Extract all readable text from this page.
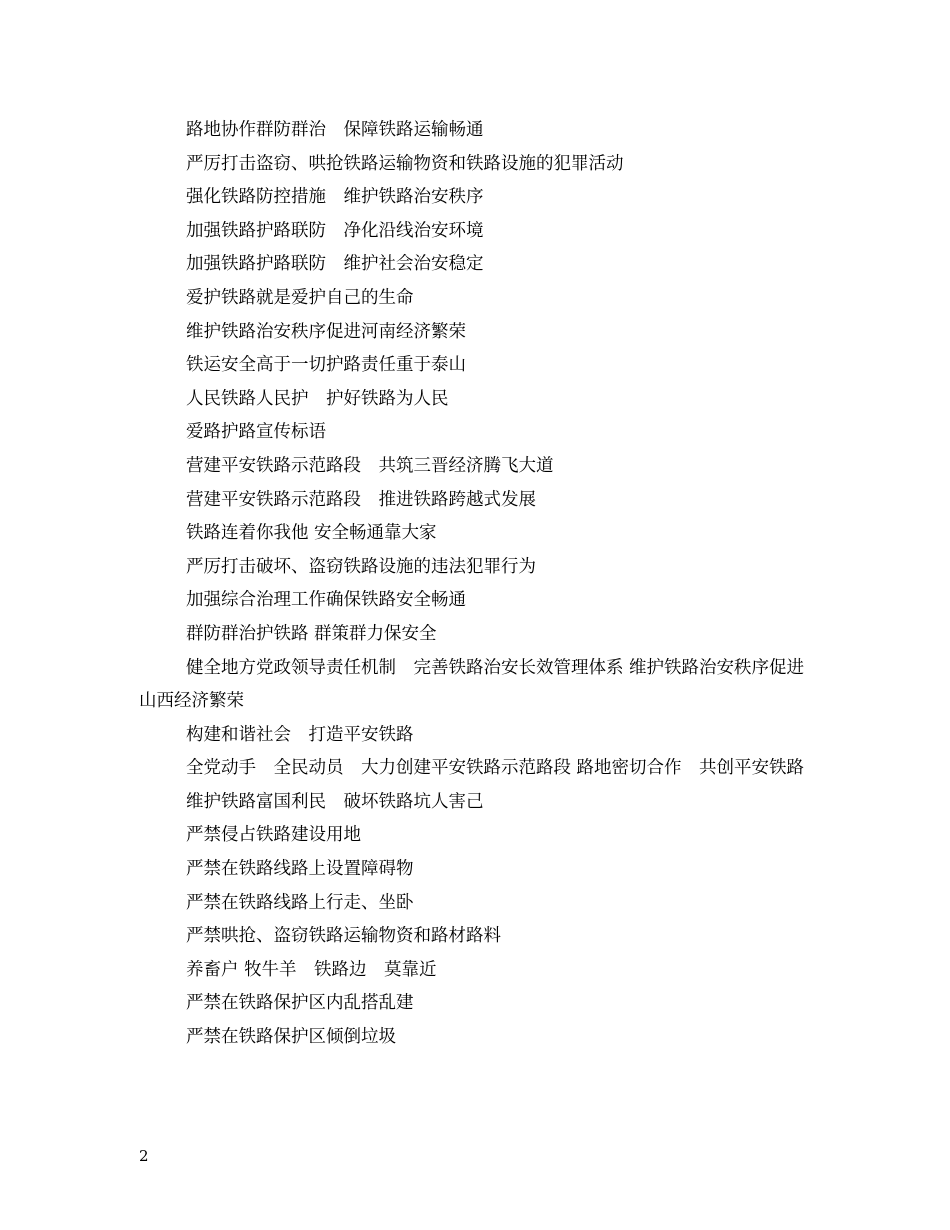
路地协作群防群治　保障铁路运输畅通

严厉打击盗窃、哄抢铁路运输物资和铁路设施的犯罪活动

强化铁路防控措施　维护铁路治安秩序

加强铁路护路联防　净化沿线治安环境

加强铁路护路联防　维护社会治安稳定

爱护铁路就是爱护自己的生命

维护铁路治安秩序促进河南经济繁荣

铁运安全高于一切护路责任重于泰山

人民铁路人民护　护好铁路为人民

爱路护路宣传标语

营建平安铁路示范路段　共筑三晋经济腾飞大道

营建平安铁路示范路段　推进铁路跨越式发展

铁路连着你我他 安全畅通靠大家

严厉打击破坏、盗窃铁路设施的违法犯罪行为

加强综合治理工作确保铁路安全畅通

群防群治护铁路 群策群力保安全

健全地方党政领导责任机制　完善铁路治安长效管理体系 维护铁路治安秩序促进山西经济繁荣

构建和谐社会　打造平安铁路

全党动手　全民动员　大力创建平安铁路示范路段 路地密切合作　共创平安铁路

维护铁路富国利民　破坏铁路坑人害己

严禁侵占铁路建设用地

严禁在铁路线路上设置障碍物

严禁在铁路线路上行走、坐卧

严禁哄抢、盗窃铁路运输物资和路材路料

养畜户 牧牛羊　铁路边　莫靠近

严禁在铁路保护区内乱搭乱建

严禁在铁路保护区倾倒垃圾

2
